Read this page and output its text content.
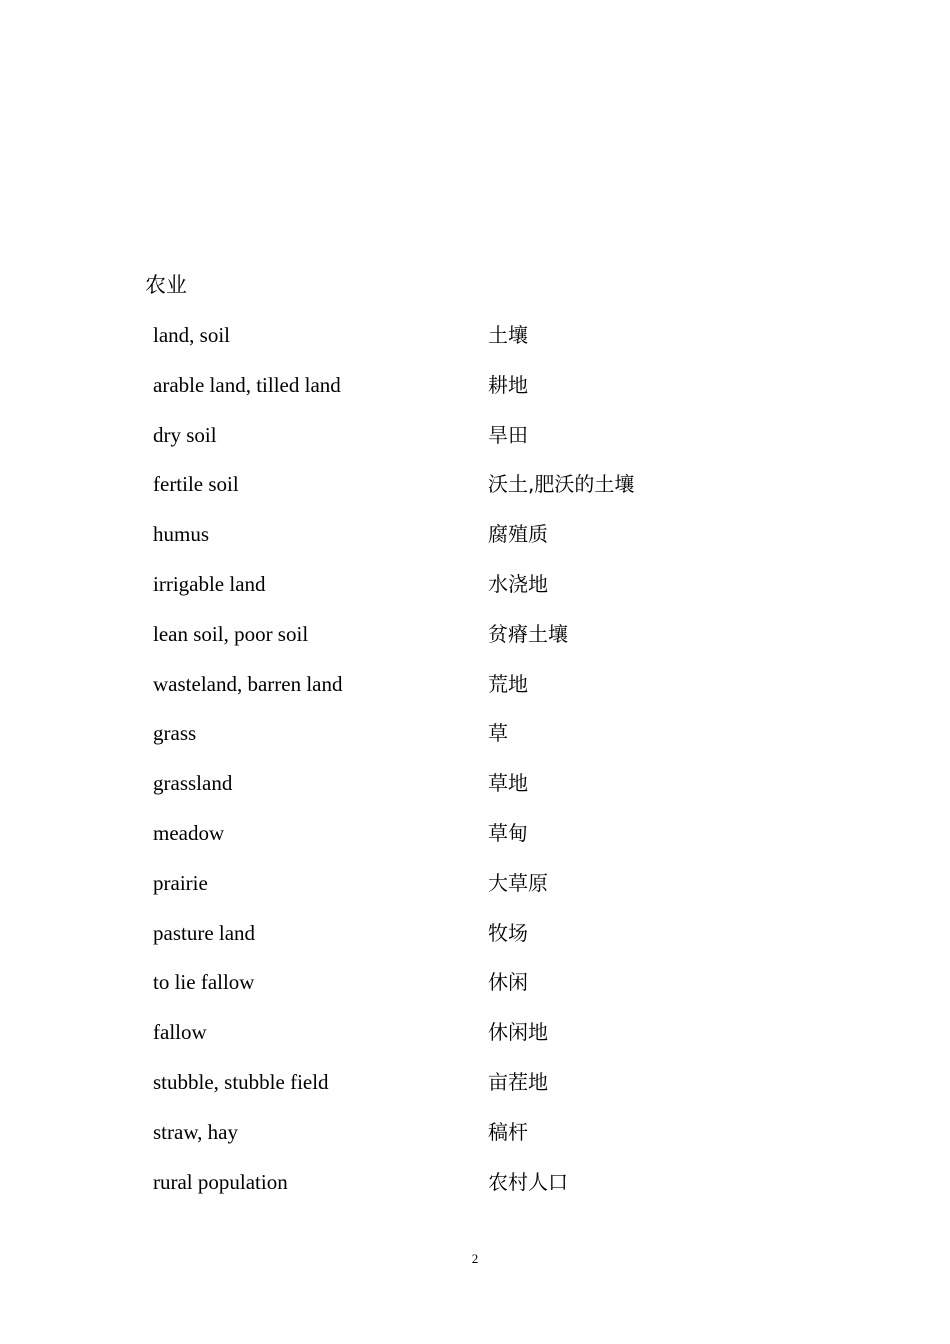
农业
land, soil	土壤
arable land, tilled land	耕地
dry soil	旱田
fertile soil	沃土,肥沃的土壤
humus	腐殖质
irrigable land	水浇地
lean soil, poor soil	贫瘠土壤
wasteland, barren land	荒地
grass	草
grassland	草地
meadow	草甸
prairie	大草原
pasture land	牧场
to lie fallow	休闲
fallow	休闲地
stubble, stubble field	亩茬地
straw, hay	稿杆
rural population	农村人口
2
